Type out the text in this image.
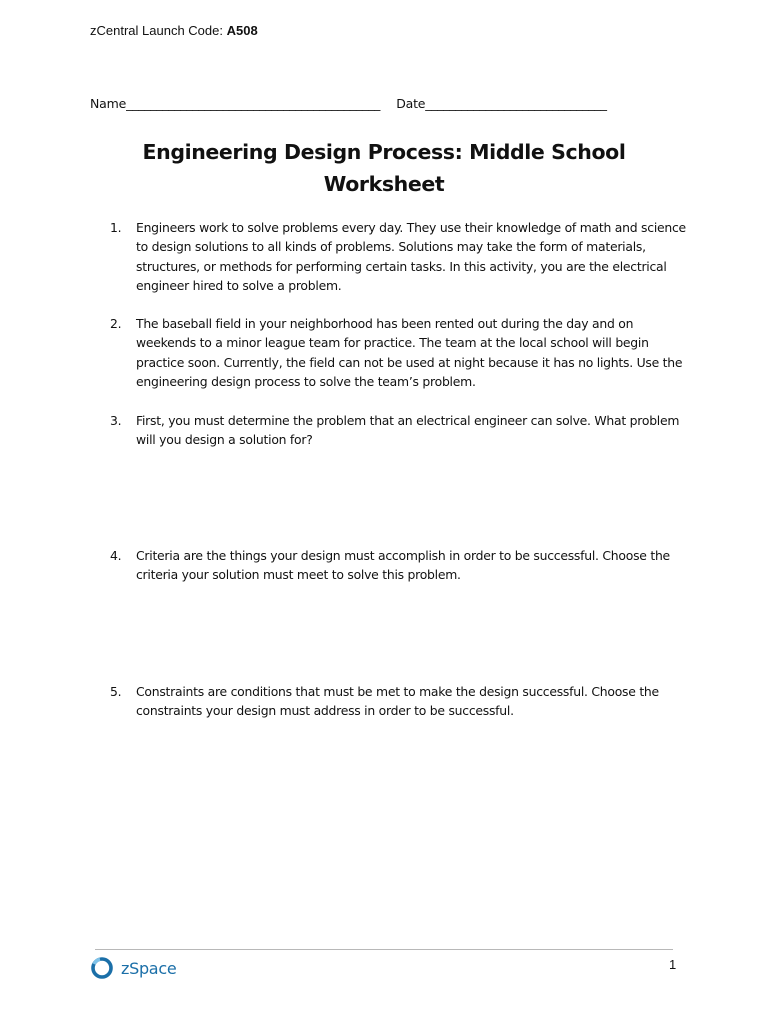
zCentral Launch Code: A508
Name__________________________________________ Date______________________________
Engineering Design Process: Middle School
Worksheet
1.	Engineers work to solve problems every day. They use their knowledge of math and science to design solutions to all kinds of problems. Solutions may take the form of materials, structures, or methods for performing certain tasks. In this activity, you are the electrical engineer hired to solve a problem.
2.	The baseball field in your neighborhood has been rented out during the day and on weekends to a minor league team for practice. The team at the local school will begin practice soon. Currently, the field can not be used at night because it has no lights. Use the engineering design process to solve the team’s problem.
3.	First, you must determine the problem that an electrical engineer can solve. What problem will you design a solution for?
4.	Criteria are the things your design must accomplish in order to be successful. Choose the criteria your solution must meet to solve this problem.
5.	Constraints are conditions that must be met to make the design successful. Choose the constraints your design must address in order to be successful.
zSpace	1
